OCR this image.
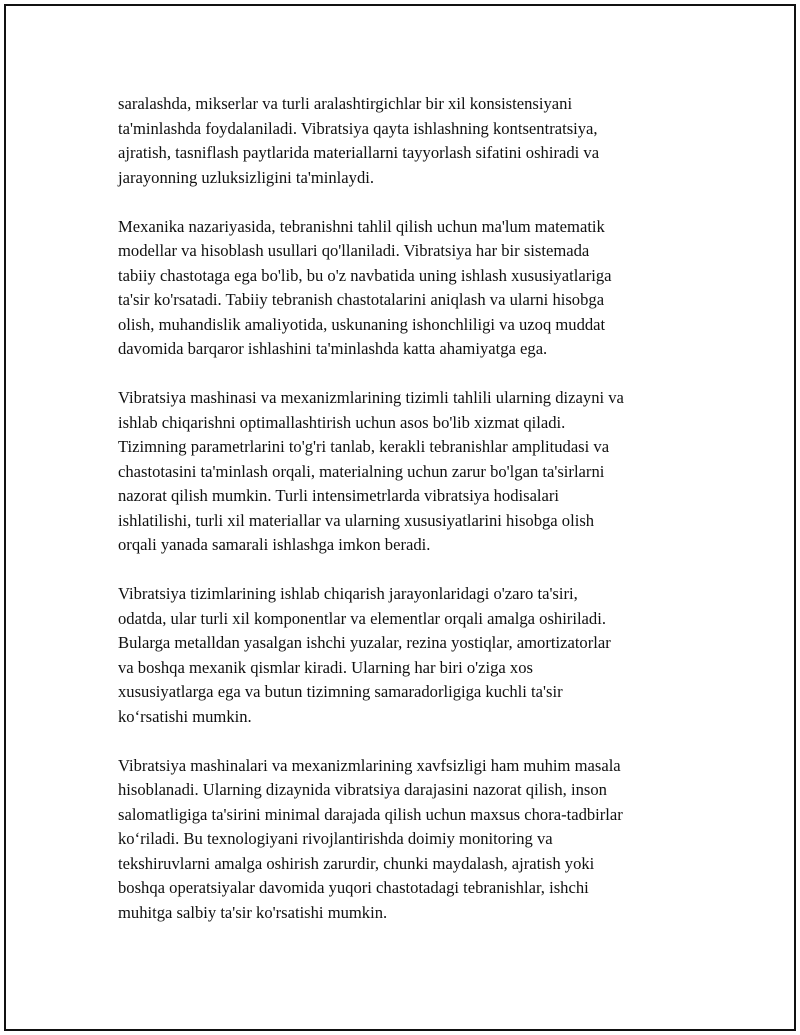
saralashda, mikserlar va turli aralashtirgichlar bir xil konsistensiyani
ta'minlashda foydalaniladi. Vibratsiya qayta ishlashning kontsentratsiya,
ajratish, tasniflash paytlarida materiallarni tayyorlash sifatini oshiradi va
jarayonning uzluksizligini ta'minlaydi.

Mexanika nazariyasida, tebranishni tahlil qilish uchun ma'lum matematik
modellar va hisoblash usullari qo'llaniladi. Vibratsiya har bir sistemada
tabiiy chastotaga ega bo'lib, bu o'z navbatida uning ishlash xususiyatlariga
ta'sir ko'rsatadi. Tabiiy tebranish chastotalarini aniqlash va ularni hisobga
olish, muhandislik amaliyotida, uskunaning ishonchliligi va uzoq muddat
davomida barqaror ishlashini ta'minlashda katta ahamiyatga ega.

Vibratsiya mashinasi va mexanizmlarining tizimli tahlili ularning dizayni va
ishlab chiqarishni optimallashtirish uchun asos bo'lib xizmat qiladi.
Tizimning parametrlarini to'g'ri tanlab, kerakli tebranishlar amplitudasi va
chastotasini ta'minlash orqali, materialning uchun zarur bo'lgan ta'sirlarni
nazorat qilish mumkin. Turli intensimetrlarda vibratsiya hodisalari
ishlatilishi, turli xil materiallar va ularning xususiyatlarini hisobga olish
orqali yanada samarali ishlashga imkon beradi.

Vibratsiya tizimlarining ishlab chiqarish jarayonlaridagi o'zaro ta'siri,
odatda, ular turli xil komponentlar va elementlar orqali amalga oshiriladi.
Bularga metalldan yasalgan ishchi yuzalar, rezina yostiqlar, amortizatorlar
va boshqa mexanik qismlar kiradi. Ularning har biri o'ziga xos
xususiyatlarga ega va butun tizimning samaradorligiga kuchli ta'sir
ko‘rsatishi mumkin.

Vibratsiya mashinalari va mexanizmlarining xavfsizligi ham muhim masala
hisoblanadi. Ularning dizaynida vibratsiya darajasini nazorat qilish, inson
salomatligiga ta'sirini minimal darajada qilish uchun maxsus chora-tadbirlar
ko‘riladi. Bu texnologiyani rivojlantirishda doimiy monitoring va
tekshiruvlarni amalga oshirish zarurdir, chunki maydalash, ajratish yoki
boshqa operatsiyalar davomida yuqori chastotadagi tebranishlar, ishchi
muhitga salbiy ta'sir ko'rsatishi mumkin.
